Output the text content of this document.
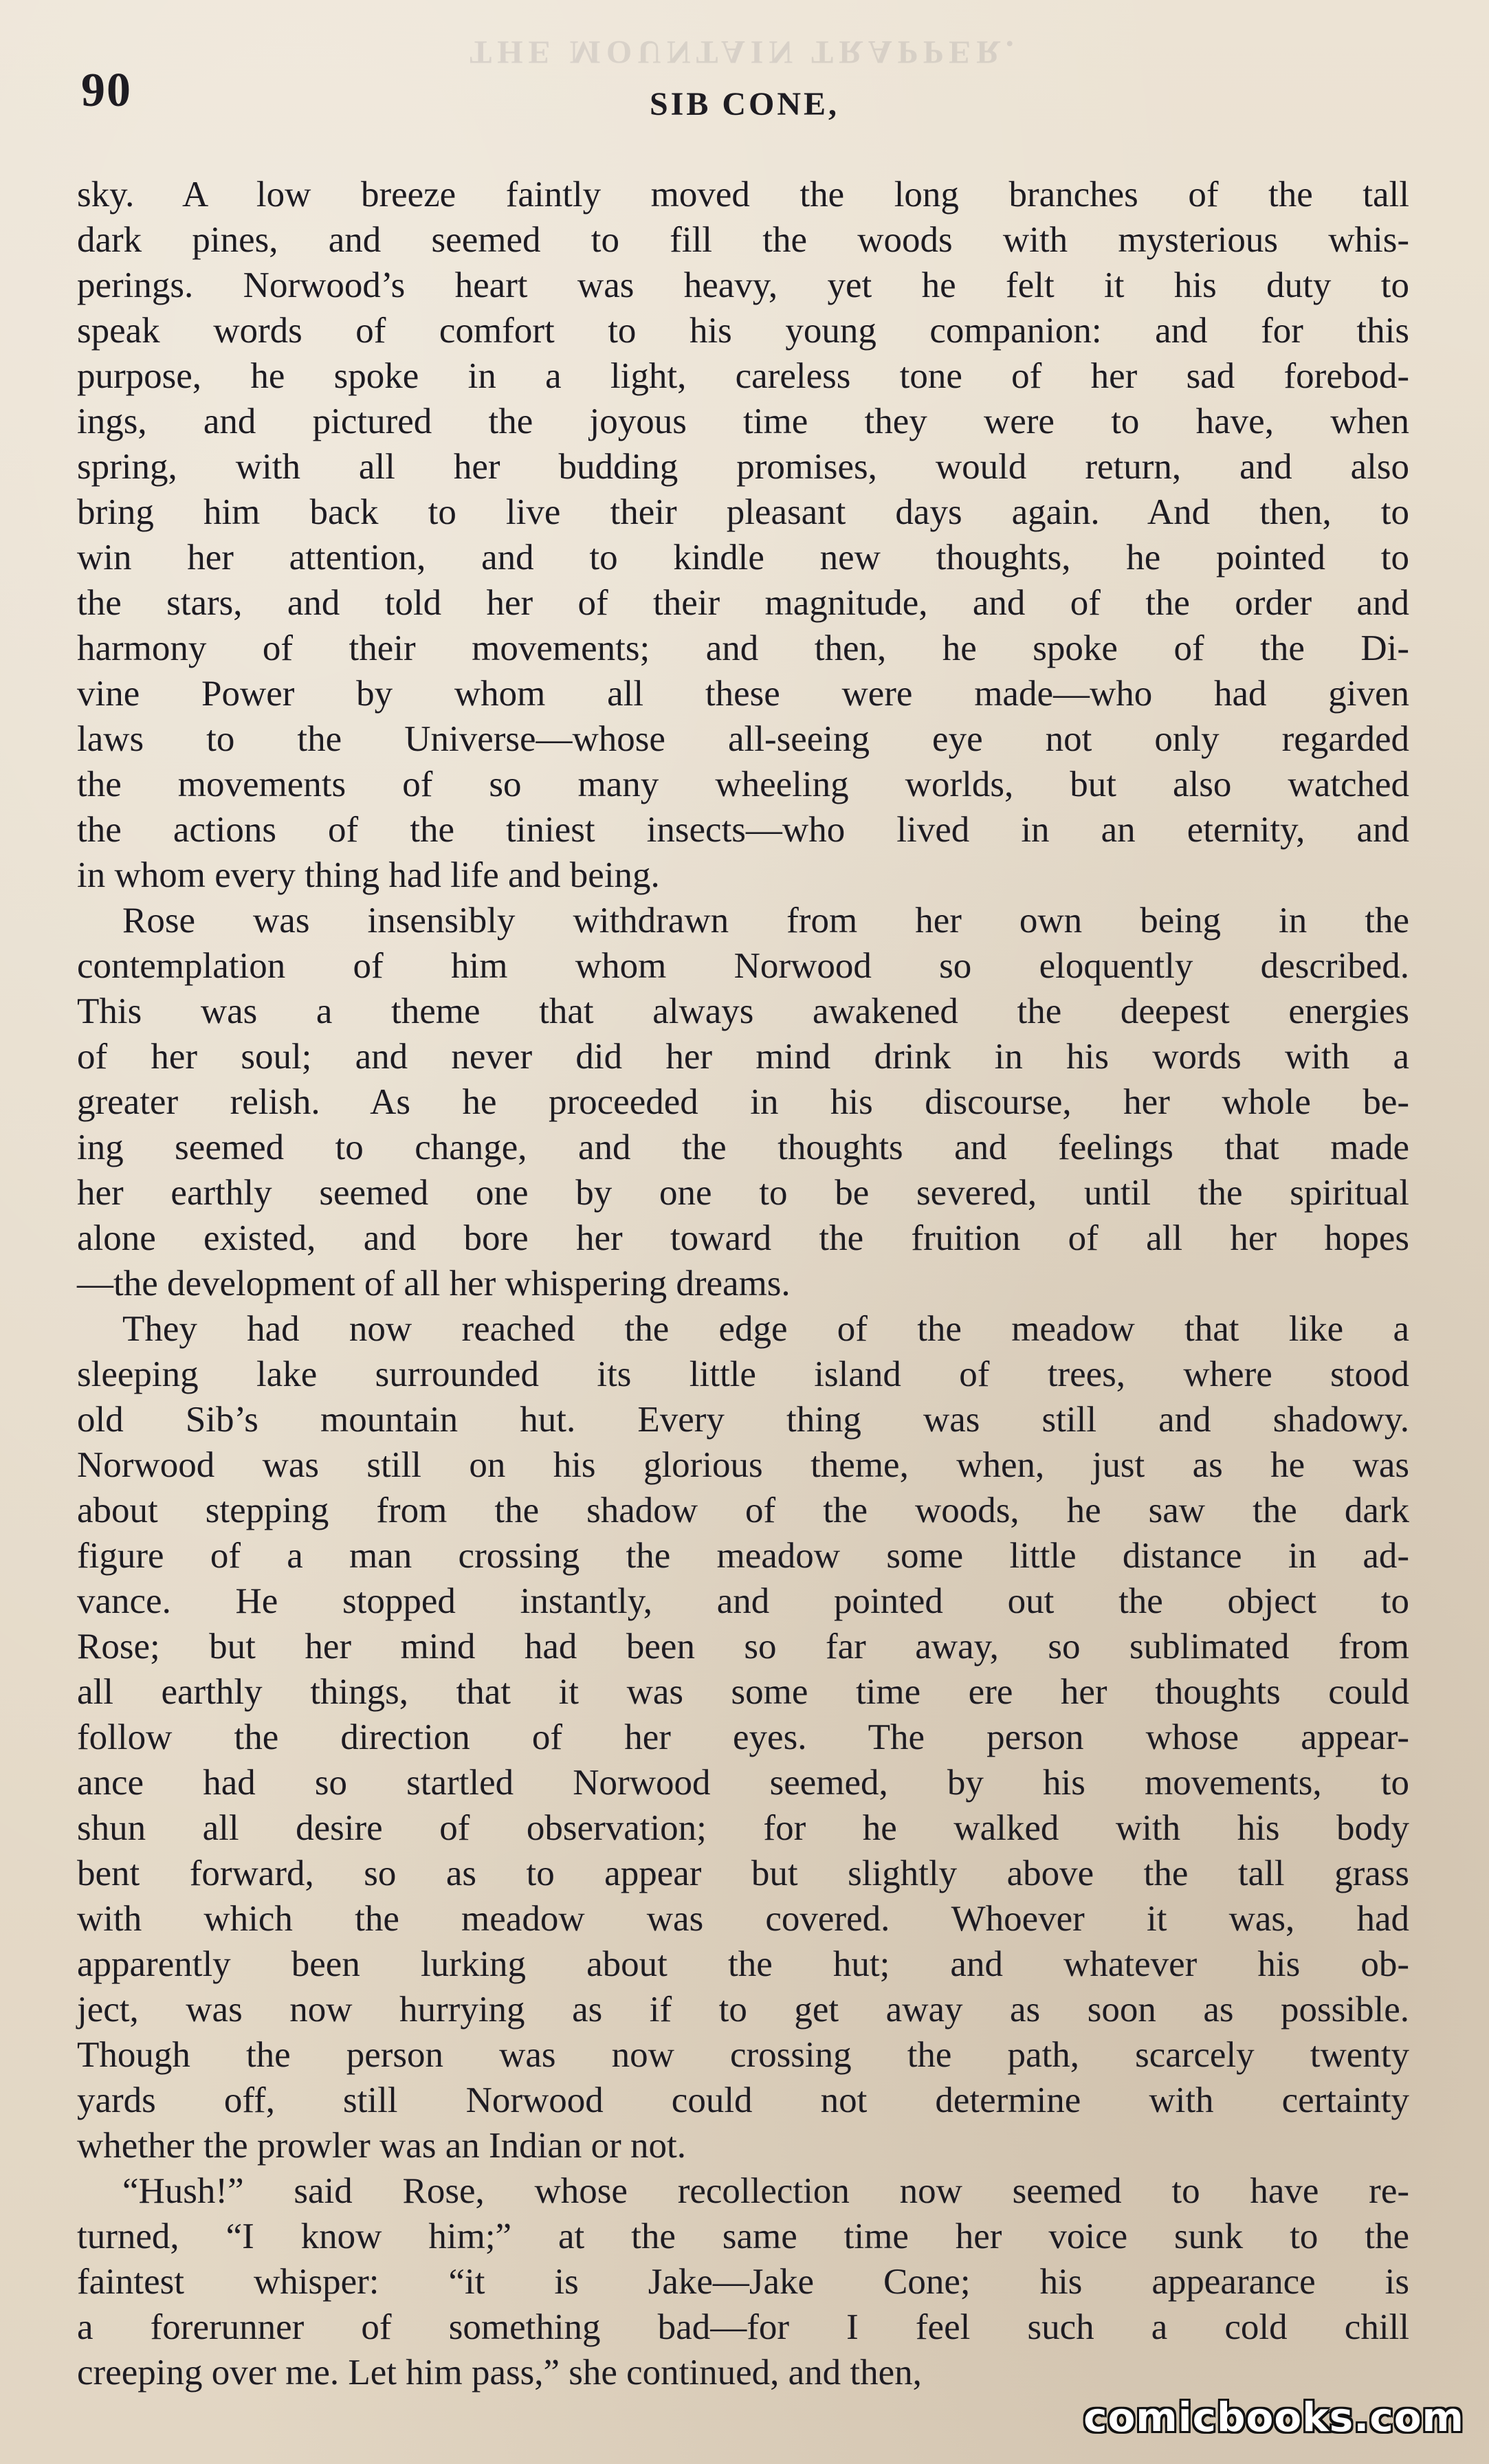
THE MOUNTAIN TRAPPER.
90	SIB CONE,
sky. A low breeze faintly moved the long branches of the tall
dark pines, and seemed to fill the woods with mysterious whis-
perings. Norwood’s heart was heavy, yet he felt it his duty to
speak words of comfort to his young companion: and for this
purpose, he spoke in a light, careless tone of her sad forebod-
ings, and pictured the joyous time they were to have, when
spring, with all her budding promises, would return, and also
bring him back to live their pleasant days again. And then, to
win her attention, and to kindle new thoughts, he pointed to
the stars, and told her of their magnitude, and of the order and
harmony of their movements; and then, he spoke of the Di-
vine Power by whom all these were made—who had given
laws to the Universe—whose all-seeing eye not only regarded
the movements of so many wheeling worlds, but also watched
the actions of the tiniest insects—who lived in an eternity, and
in whom every thing had life and being.
Rose was insensibly withdrawn from her own being in the
contemplation of him whom Norwood so eloquently described.
This was a theme that always awakened the deepest energies
of her soul; and never did her mind drink in his words with a
greater relish. As he proceeded in his discourse, her whole be-
ing seemed to change, and the thoughts and feelings that made
her earthly seemed one by one to be severed, until the spiritual
alone existed, and bore her toward the fruition of all her hopes
—the development of all her whispering dreams.
They had now reached the edge of the meadow that like a
sleeping lake surrounded its little island of trees, where stood
old Sib’s mountain hut. Every thing was still and shadowy.
Norwood was still on his glorious theme, when, just as he was
about stepping from the shadow of the woods, he saw the dark
figure of a man crossing the meadow some little distance in ad-
vance. He stopped instantly, and pointed out the object to
Rose; but her mind had been so far away, so sublimated from
all earthly things, that it was some time ere her thoughts could
follow the direction of her eyes. The person whose appear-
ance had so startled Norwood seemed, by his movements, to
shun all desire of observation; for he walked with his body
bent forward, so as to appear but slightly above the tall grass
with which the meadow was covered. Whoever it was, had
apparently been lurking about the hut; and whatever his ob-
ject, was now hurrying as if to get away as soon as possible.
Though the person was now crossing the path, scarcely twenty
yards off, still Norwood could not determine with certainty
whether the prowler was an Indian or not.
“Hush!” said Rose, whose recollection now seemed to have re-
turned, “I know him;” at the same time her voice sunk to the
faintest whisper: “it is Jake—Jake Cone; his appearance is
a forerunner of something bad—for I feel such a cold chill
creeping over me. Let him pass,” she continued, and then,
comicbooks.com
